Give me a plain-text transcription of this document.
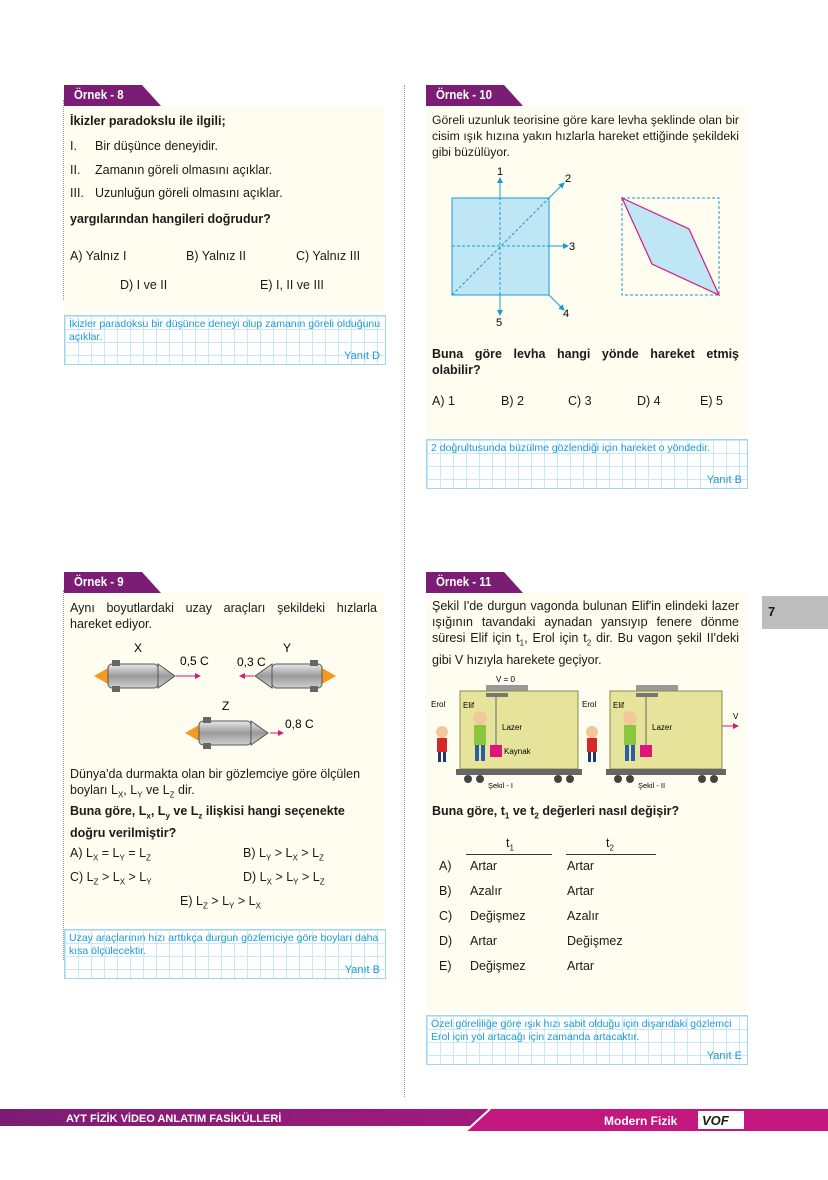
7
Örnek - 8
İkizler paradokslu ile ilgili;
I. Bir düşünce deneyidir.
II. Zamanın göreli olmasını açıklar.
III. Uzunluğun göreli olmasını açıklar.
yargılarından hangileri doğrudur?
A) Yalnız I	B) Yalnız II	C) Yalnız III
D) I ve II	E) I, II ve III
İkizler paradoksu bir düşünce deneyi olup zamanın göreli olduğunu açıklar.
Yanıt D
Örnek - 10
Göreli uzunluk teorisine göre kare levha şeklinde olan bir cisim ışık hızına yakın hızlarla hareket ettiğinde şekildeki gibi büzülüyor.
1
2
3
4
5
Buna göre levha hangi yönde hareket etmiş olabilir?
A) 1	B) 2	C) 3	D) 4	E) 5
2 doğrultusunda büzülme gözlendiği için hareket o yöndedir.
Yanıt B
Örnek - 9
Aynı boyutlardaki uzay araçları şekildeki hızlarla hareket ediyor.
X
0,5 C 0,3 C
Y
Z
0,8 C
Dünya'da durmakta olan bir gözlemciye göre ölçülen boyları $L_X$, $L_Y$ ve $L_Z$ dir.
Buna göre, $L_x$, $L_y$ ve $L_z$ ilişkisi hangi seçenekte doğru verilmiştir?
A) $L_X = L_Y = L_Z$	B) $L_Y > L_X > L_Z$
C) $L_Z > L_X > L_Y$	D) $L_X > L_Y > L_Z$
E) $L_Z > L_Y > L_X$
Uzay araçlarının hızı arttıkça durgun gözlemciye göre boyları daha kısa ölçülecektir.
Yanıt B
Örnek - 11
Şekil I'de durgun vagonda bulunan Elif'in elindeki lazer ışığının tavandaki aynadan yansıyıp fenere dönme süresi Elif için $t_1$, Erol için $t_2$ dir. Bu vagon şekil II'deki gibi V hızıyla harekete geçiyor.
V = 0
Erol Elif
Lazer
Kaynak
Şekil - I
V
Erol Elif
Lazer
Şekil - II
Buna göre, $t_1$ ve $t_2$ değerleri nasıl değişir?
$t_1$	$t_2$
A) Artar	Artar
B) Azalır	Artar
C) Değişmez	Azalır
D) Artar	Değişmez
E) Değişmez	Artar
Özel göreliliğe göre ışık hızı sabit olduğu için dışarıdaki gözlemci Erol için yol artacağı için zamanda artacaktır.
Yanıt E
AYT FİZİK VİDEO ANLATIM FASİKÜLLERİ	Modern Fizik VOF
